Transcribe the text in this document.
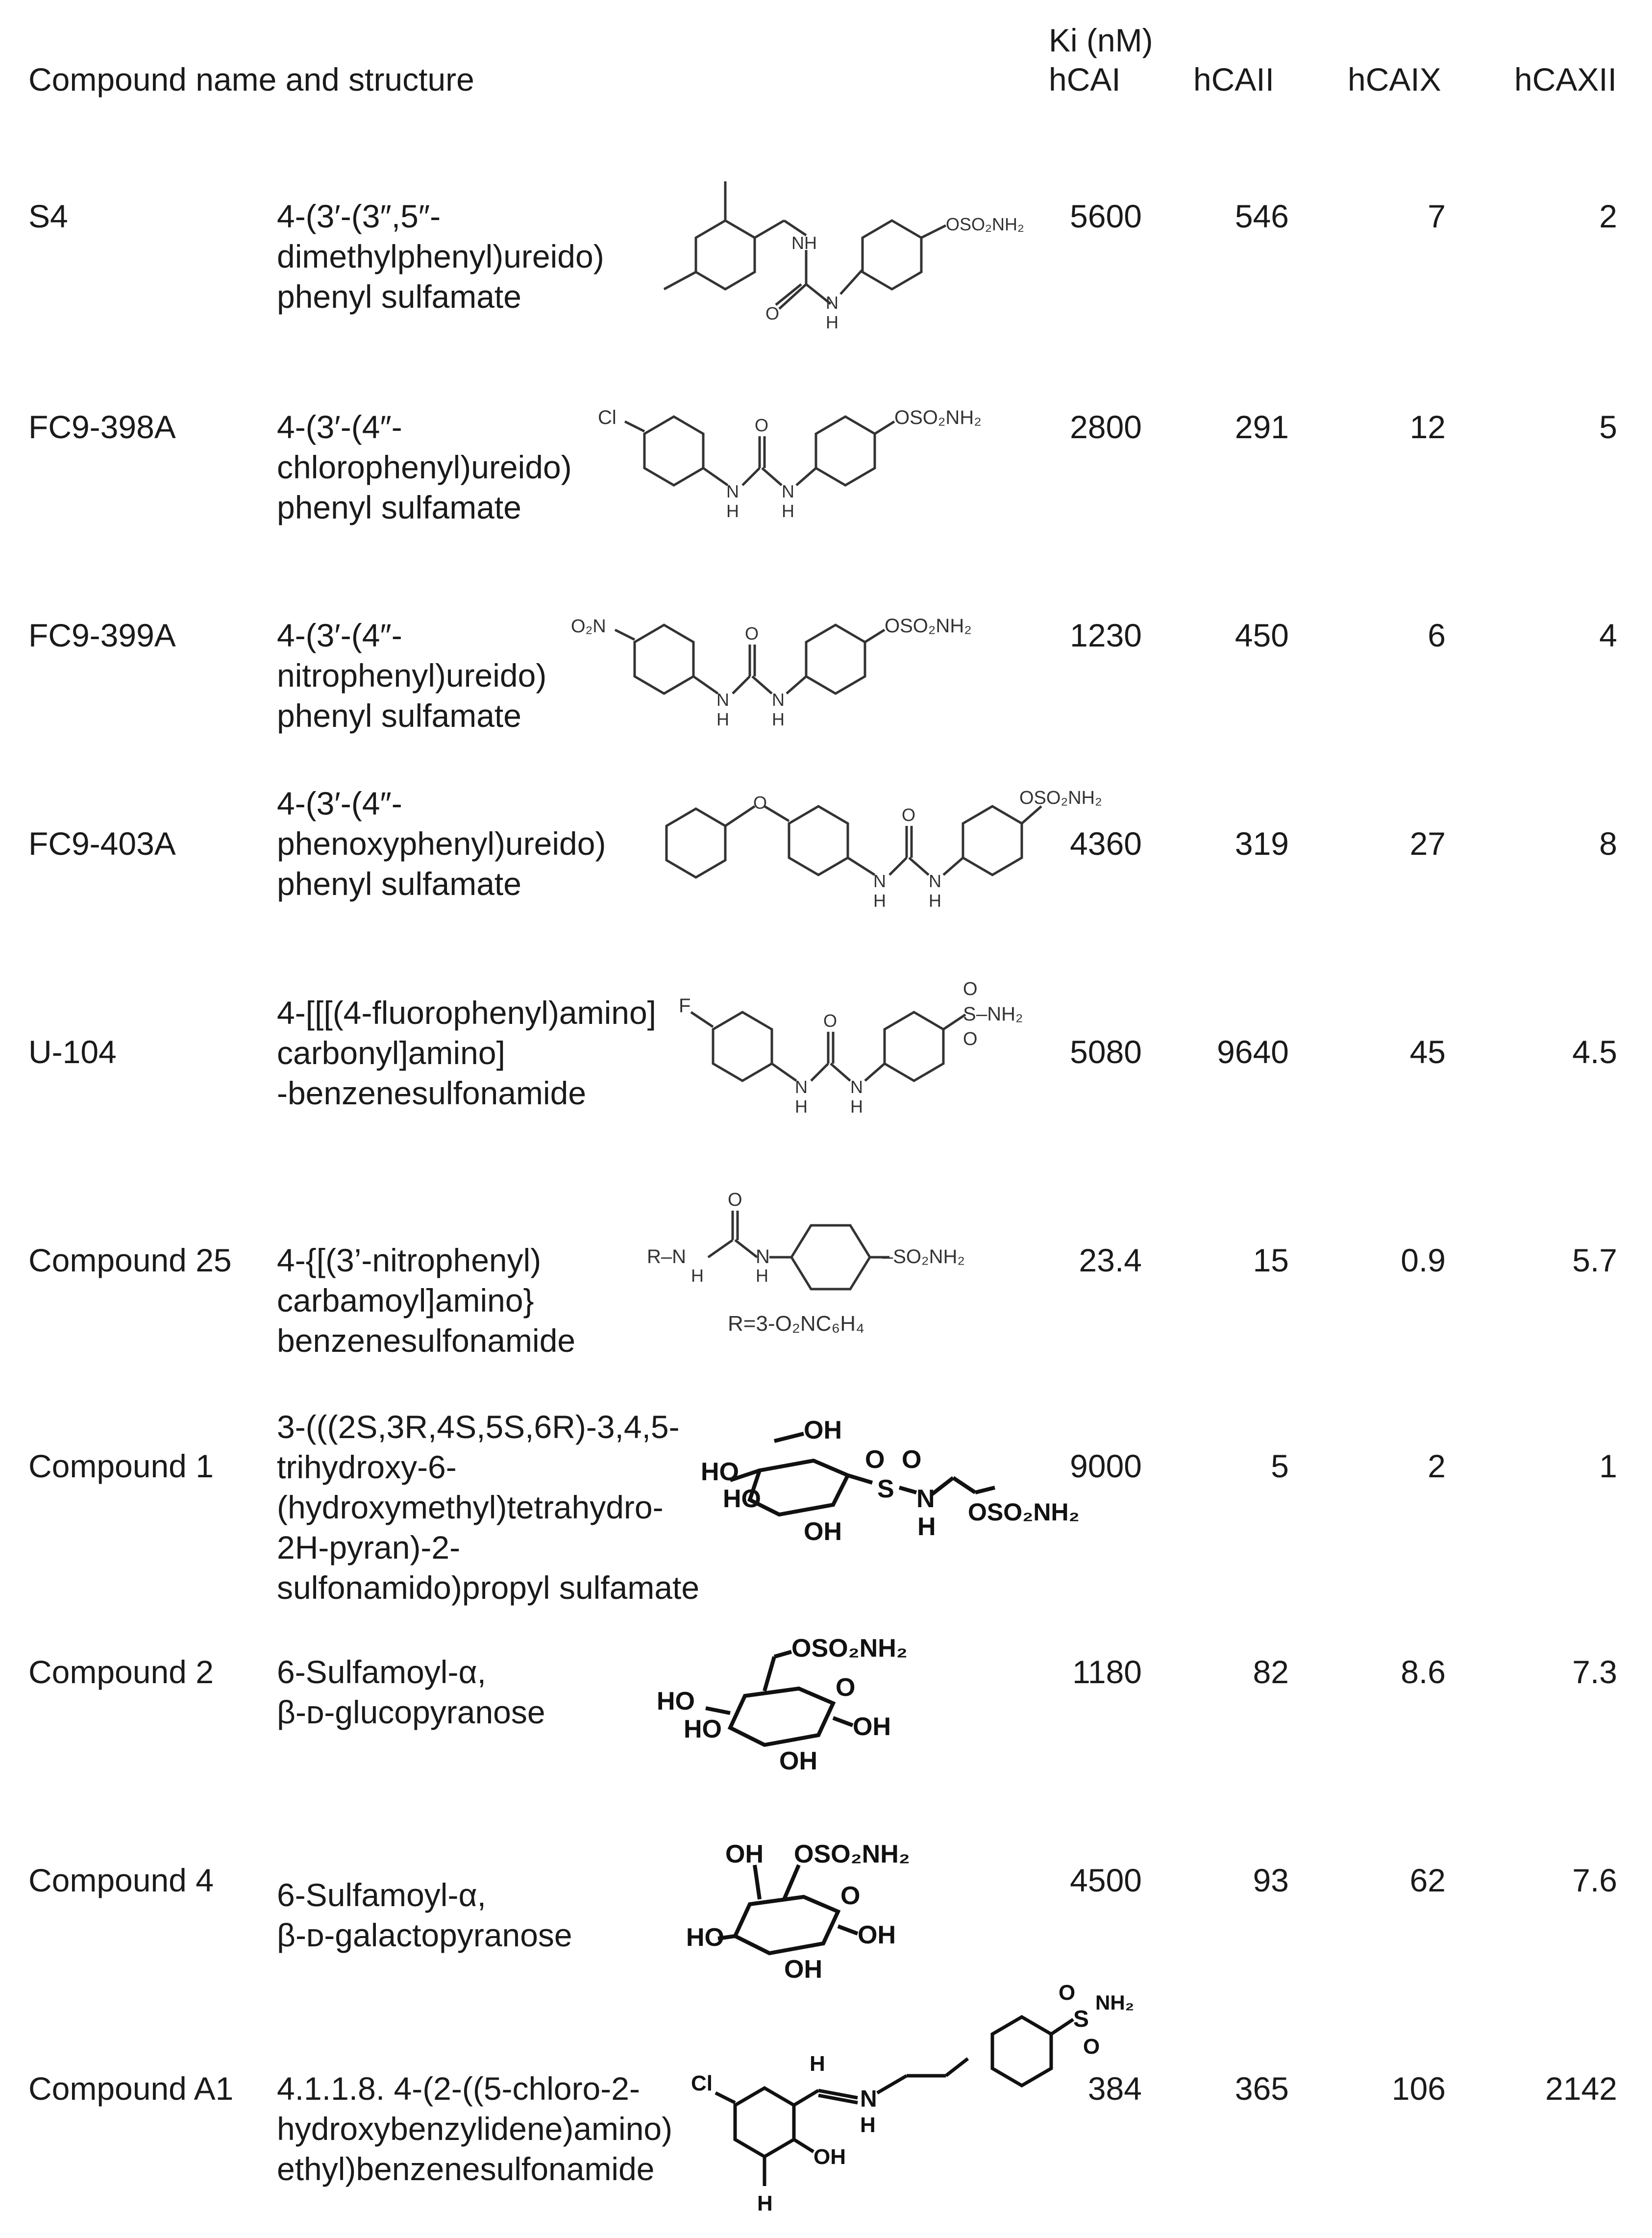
Compound name and structure
Ki (nM)
hCAI hCAII hCAIX hCAXII
S4	4-(3′-(3″,5″-
dimethylphenyl)ureido)
phenyl sulfamate
NH
O
N
H
OSO₂NH₂	5600	546	7	2
FC9-398A	4-(3′-(4″-
chlorophenyl)ureido)
phenyl sulfamate
Cl	O
N
H
N
H
OSO₂NH₂	2800	291	12	5
FC9-399A	4-(3′-(4″-
nitrophenyl)ureido)
phenyl sulfamate
O₂N	O
N
H
N
H
OSO₂NH₂	1230	450	6	4
FC9-403A
4-(3′-(4″-
phenoxyphenyl)ureido)
phenyl sulfamate
O
O
N
H
N
H
OSO₂NH₂
4360	319	27	8
U-104
4-[[[(4-fluorophenyl)amino]
carbonyl]amino]
-benzenesulfonamide
F
O
N
H
N
H
O
S
O
–NH₂
5080	9640	45	4.5
Compound 25 4-{[(3’-nitrophenyl)
carbamoyl]amino}
benzenesulfonamide
O
R–N
H
N
H
–SO₂NH₂
R=3-O₂NC₆H₄
23.4	15	0.9	5.7
Compound 1
3-(((2S,3R,4S,5S,6R)-3,4,5-
trihydroxy-6-
(hydroxymethyl)tetrahydro-
2H-pyran)-2-
sulfonamido)propyl sulfamate
OH
HO
HO
OH
O
S
O
N
H
OSO₂NH₂
9000	5	2	1
Compound 2 6-Sulfamoyl-α,
β-ᴅ-glucopyranose
OSO₂NH₂
O
HO
HO	OH
OH
1180	82	8.6	7.3
Compound 4 6-Sulfamoyl-α,
β-ᴅ-galactopyranose
OH OSO₂NH₂
O
HO	OH
OH
4500	93	62	7.6
Compound A1 4.1.1.8. 4-(2-((5-chloro-2-
hydroxybenzylidene)amino)
ethyl)benzenesulfonamide
Cl
H
N
H
OH
H
O
S
O
NH₂
384	365	106	2142
